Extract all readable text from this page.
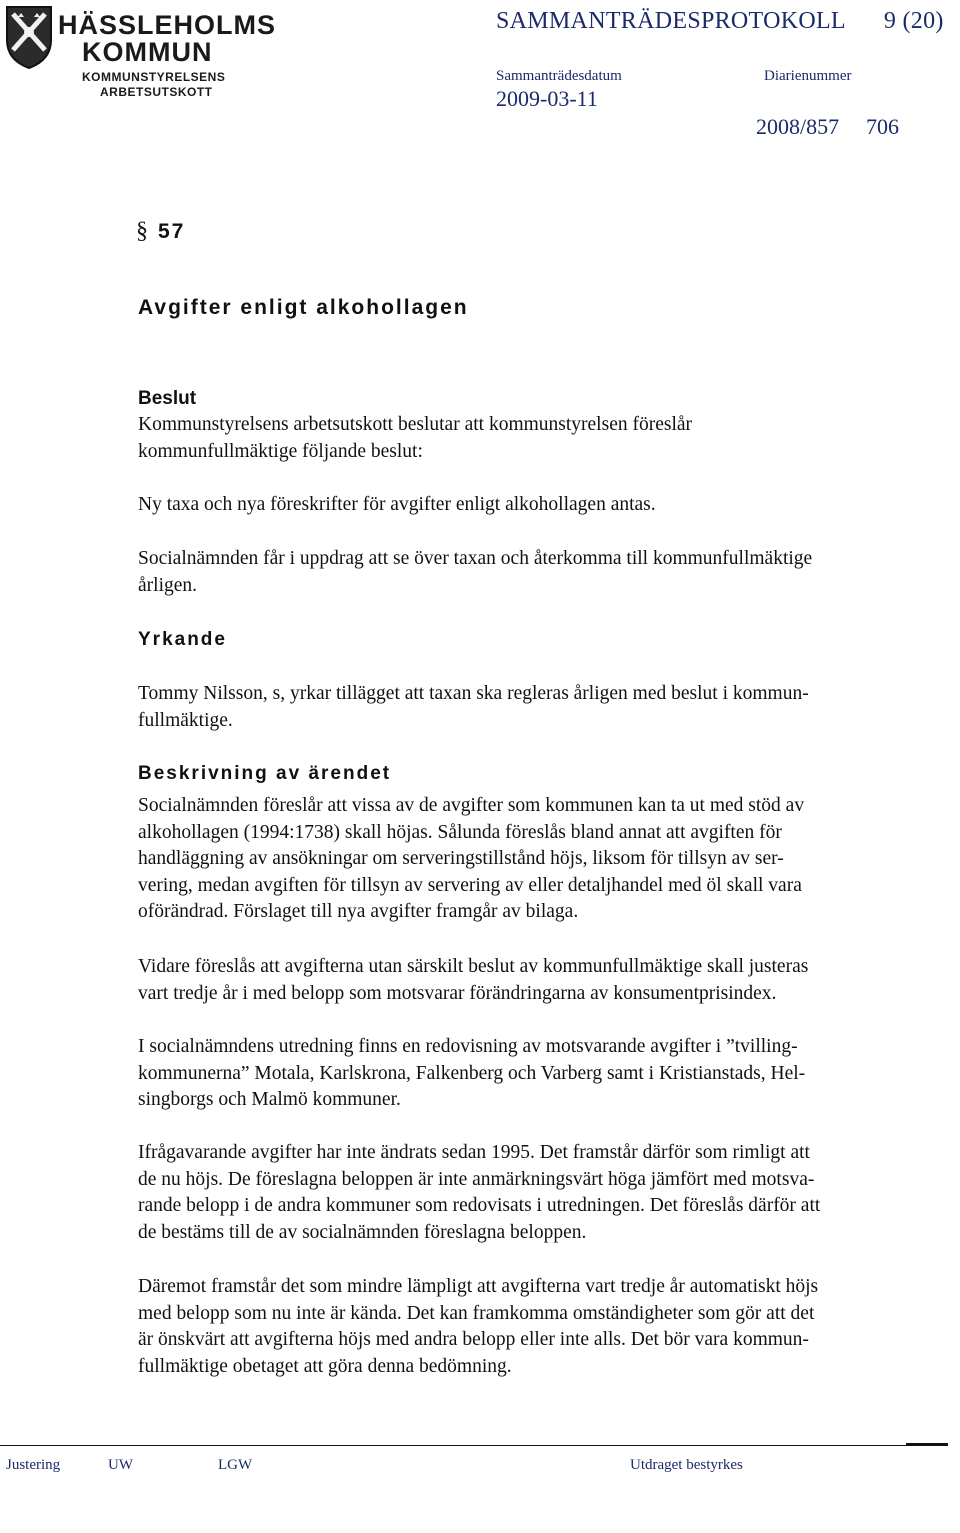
HÄSSLEHOLMS
KOMMUN
KOMMUNSTYRELSENS
ARBETSUTSKOTT
SAMMANTRÄDESPROTOKOLL 9 (20)
Sammanträdesdatum	Diarienummer
2009-03-11
2008/857 706
§ 57
Avgifter enligt alkohollagen
Beslut
Kommunstyrelsens arbetsutskott beslutar att kommunstyrelsen föreslår
kommunfullmäktige följande beslut:
Ny taxa och nya föreskrifter för avgifter enligt alkohollagen antas.
Socialnämnden får i uppdrag att se över taxan och återkomma till kommunfullmäktige
årligen.
Yrkande
Tommy Nilsson, s, yrkar tillägget att taxan ska regleras årligen med beslut i kommun-
fullmäktige.
Beskrivning av ärendet
Socialnämnden föreslår att vissa av de avgifter som kommunen kan ta ut med stöd av
alkohollagen (1994:1738) skall höjas. Sålunda föreslås bland annat att avgiften för
handläggning av ansökningar om serveringstillstånd höjs, liksom för tillsyn av ser-
vering, medan avgiften för tillsyn av servering av eller detaljhandel med öl skall vara
oförändrad. Förslaget till nya avgifter framgår av bilaga.
Vidare föreslås att avgifterna utan särskilt beslut av kommunfullmäktige skall justeras
vart tredje år i med belopp som motsvarar förändringarna av konsumentprisindex.
I socialnämndens utredning finns en redovisning av motsvarande avgifter i ”tvilling-
kommunerna” Motala, Karlskrona, Falkenberg och Varberg samt i Kristianstads, Hel-
singborgs och Malmö kommuner.
Ifrågavarande avgifter har inte ändrats sedan 1995. Det framstår därför som rimligt att
de nu höjs. De föreslagna beloppen är inte anmärkningsvärt höga jämfört med motsva-
rande belopp i de andra kommuner som redovisats i utredningen. Det föreslås därför att
de bestäms till de av socialnämnden föreslagna beloppen.
Däremot framstår det som mindre lämpligt att avgifterna vart tredje år automatiskt höjs
med belopp som nu inte är kända. Det kan framkomma omständigheter som gör att det
är önskvärt att avgifterna höjs med andra belopp eller inte alls. Det bör vara kommun-
fullmäktige obetaget att göra denna bedömning.
Justering	UW	LGW	Utdraget bestyrkes
